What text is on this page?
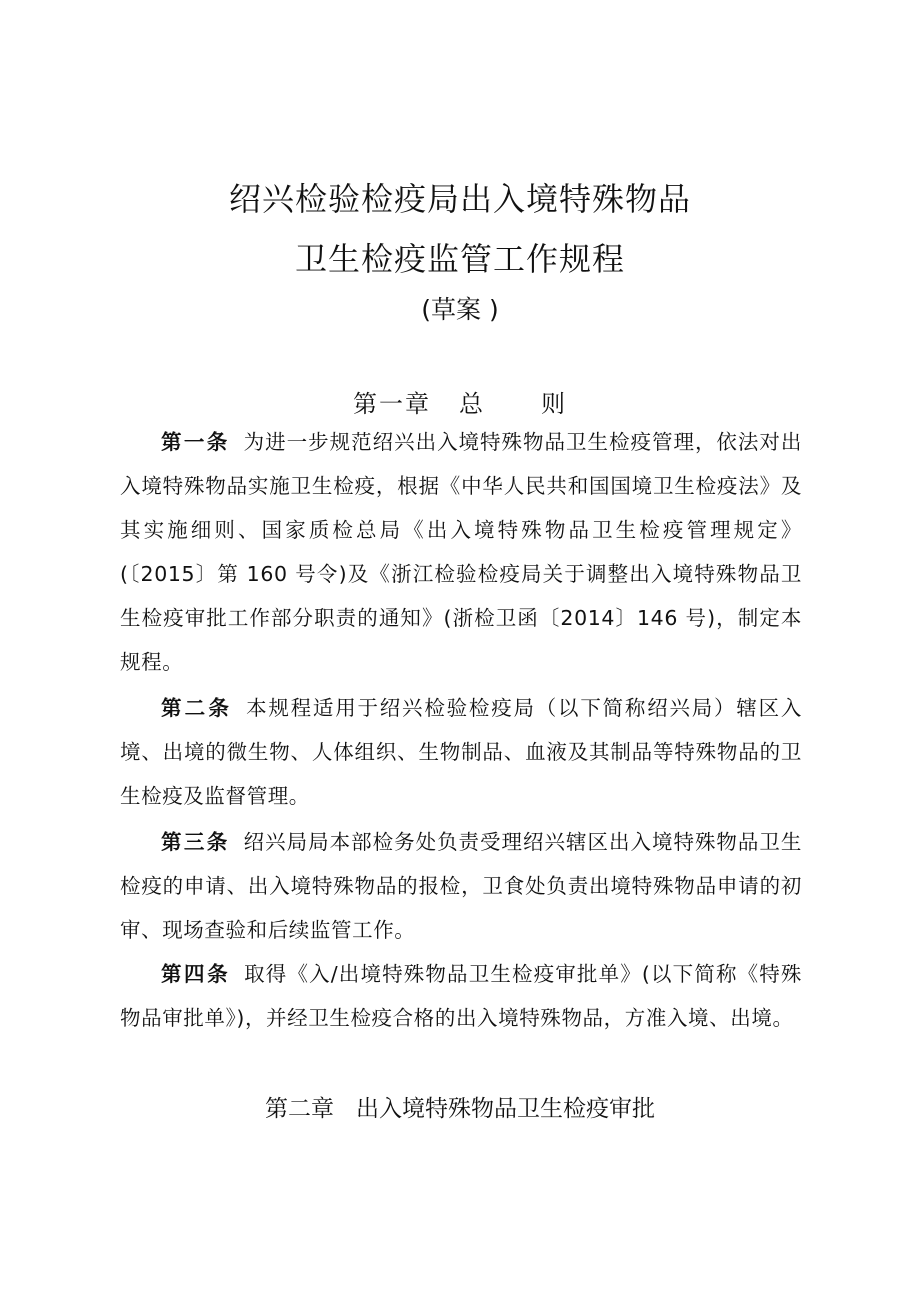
绍兴检验检疫局出入境特殊物品
卫生检疫监管工作规程
(草案 )
第一章 总 则

第一条 为进一步规范绍兴出入境特殊物品卫生检疫管理，依法对出入境特殊物品实施卫生检疫，根据《中华人民共和国国境卫生检疫法》及其实施细则、国家质检总局《出入境特殊物品卫生检疫管理规定》(〔2015〕第 160 号令)及《浙江检验检疫局关于调整出入境特殊物品卫生检疫审批工作部分职责的通知》(浙检卫函〔2014〕146 号)，制定本规程。

第二条 本规程适用于绍兴检验检疫局（以下简称绍兴局）辖区入境、出境的微生物、人体组织、生物制品、血液及其制品等特殊物品的卫生检疫及监督管理。

第三条 绍兴局局本部检务处负责受理绍兴辖区出入境特殊物品卫生检疫的申请、出入境特殊物品的报检，卫食处负责出境特殊物品申请的初审、现场查验和后续监管工作。

第四条 取得《入/出境特殊物品卫生检疫审批单》(以下简称《特殊物品审批单》)，并经卫生检疫合格的出入境特殊物品，方准入境、出境。

第二章 出入境特殊物品卫生检疫审批
